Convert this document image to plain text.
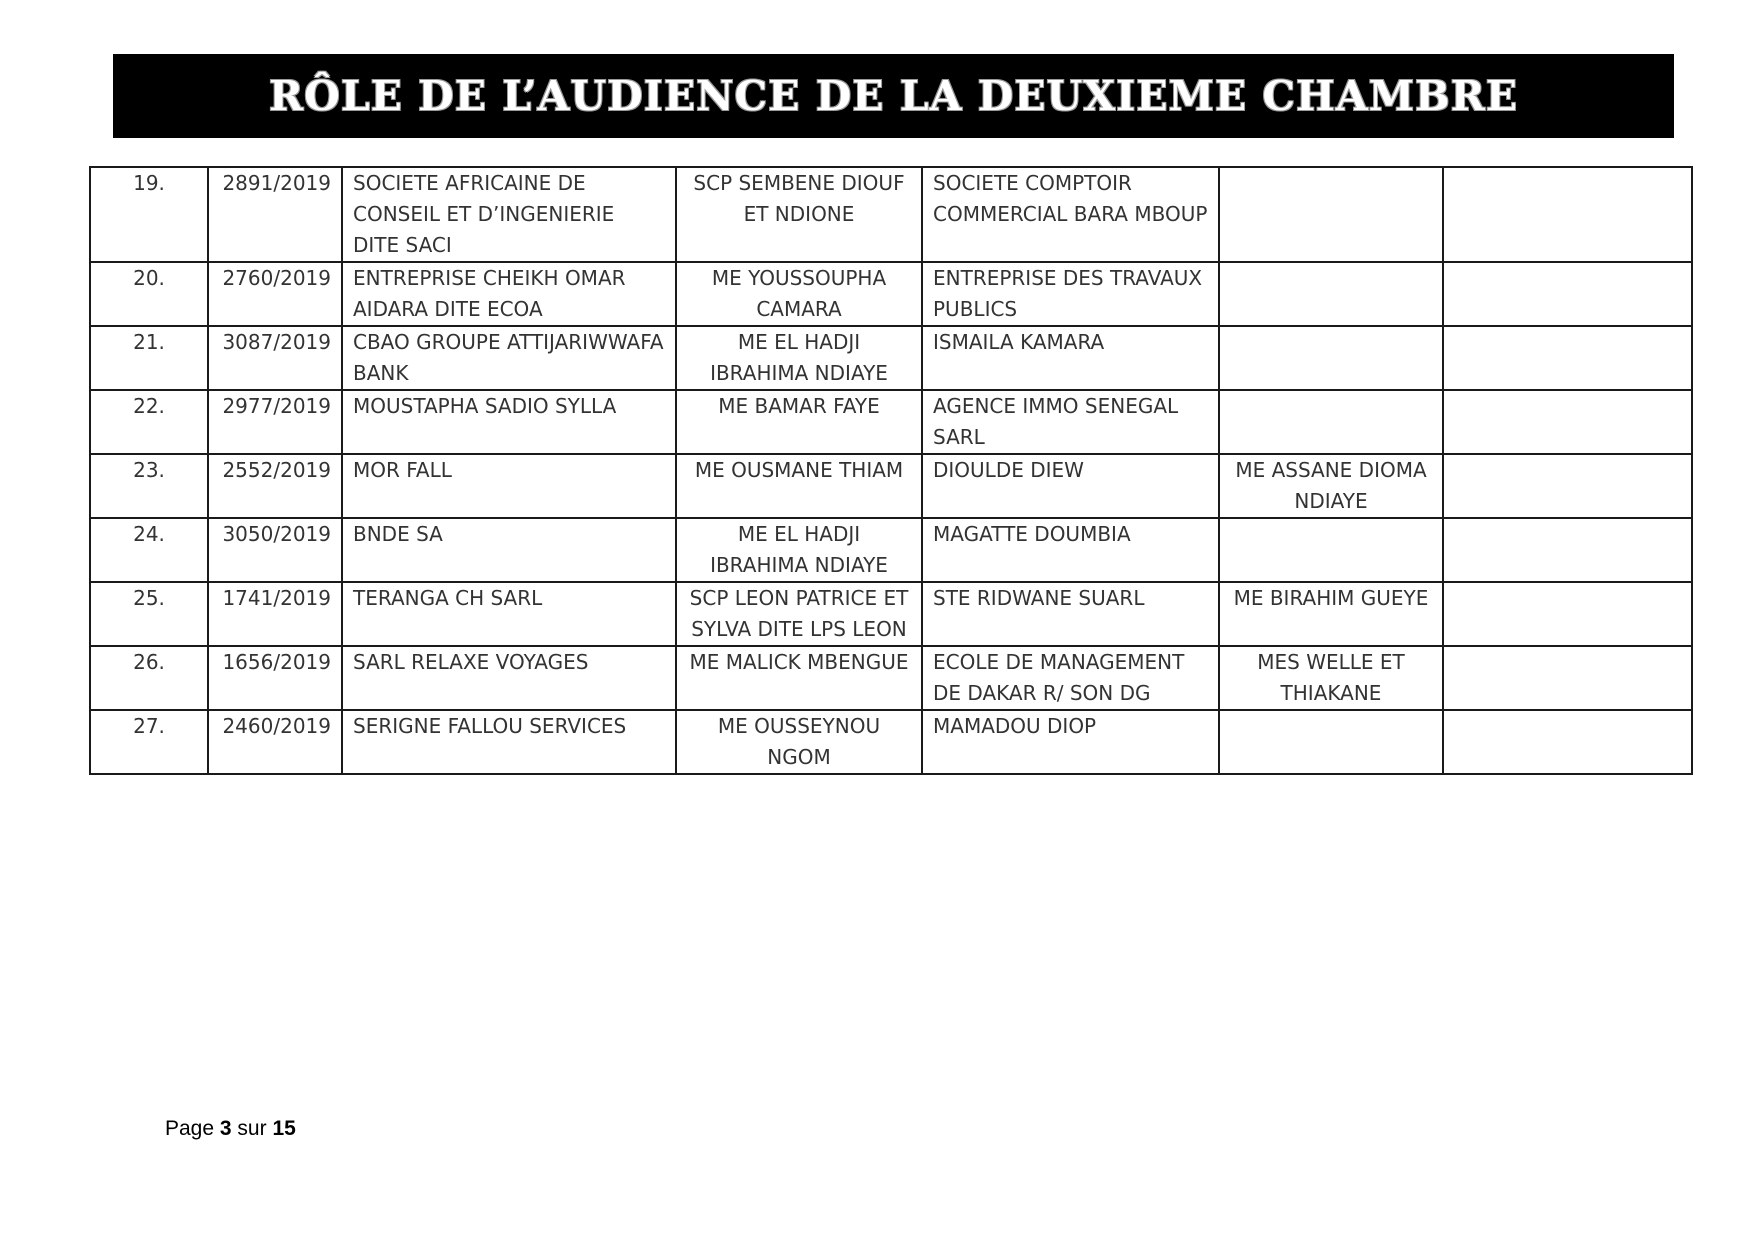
RÔLE DE L’AUDIENCE DE LA DEUXIEME CHAMBRE
19.	2891/2019	SOCIETE AFRICAINE DE CONSEIL ET D’INGENIERIE DITE SACI	SCP SEMBENE DIOUF ET NDIONE	SOCIETE COMPTOIR COMMERCIAL BARA MBOUP		
20.	2760/2019	ENTREPRISE CHEIKH OMAR AIDARA DITE ECOA	ME YOUSSOUPHA CAMARA	ENTREPRISE DES TRAVAUX PUBLICS		
21.	3087/2019	CBAO GROUPE ATTIJARIWWAFA BANK	ME EL HADJI IBRAHIMA NDIAYE	ISMAILA KAMARA		
22.	2977/2019	MOUSTAPHA SADIO SYLLA	ME BAMAR FAYE	AGENCE IMMO SENEGAL SARL		
23.	2552/2019	MOR FALL	ME OUSMANE THIAM	DIOULDE DIEW	ME ASSANE DIOMA NDIAYE	
24.	3050/2019	BNDE SA	ME EL HADJI IBRAHIMA NDIAYE	MAGATTE DOUMBIA		
25.	1741/2019	TERANGA CH SARL	SCP LEON PATRICE ET SYLVA DITE LPS LEON	STE RIDWANE SUARL	ME BIRAHIM GUEYE	
26.	1656/2019	SARL RELAXE VOYAGES	ME MALICK MBENGUE	ECOLE DE MANAGEMENT DE DAKAR R/ SON DG	MES WELLE ET THIAKANE	
27.	2460/2019	SERIGNE FALLOU SERVICES	ME OUSSEYNOU NGOM	MAMADOU DIOP		
Page 3 sur 15
